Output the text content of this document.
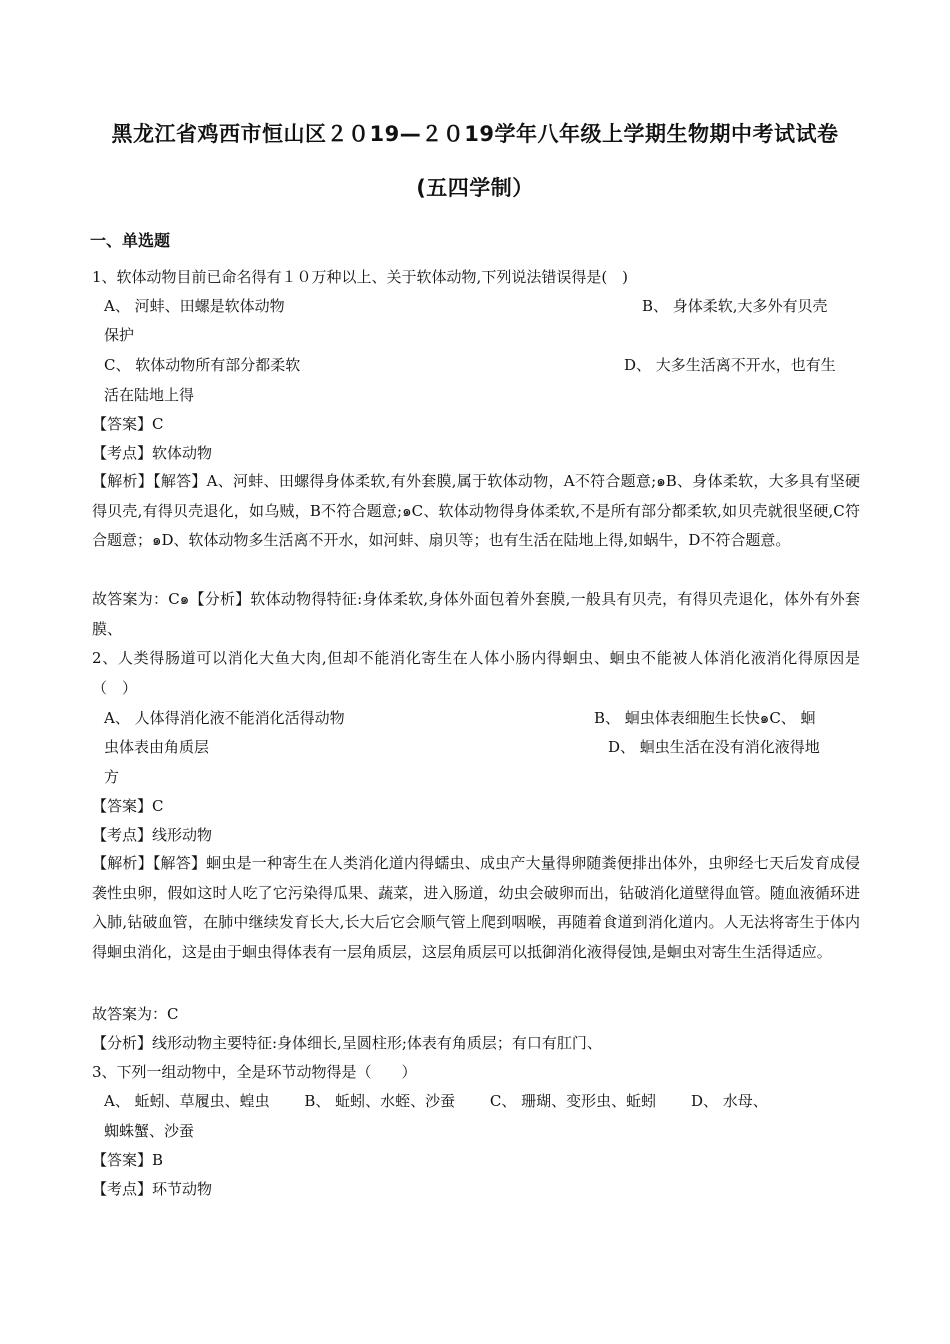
黑龙江省鸡西市恒山区２０19—２０19学年八年级上学期生物期中考试试卷
(五四学制）
一、单选题
1、软体动物目前已命名得有１０万种以上、关于软体动物,下列说法错误得是(　)
A、 河蚌、田螺是软体动物	B、 身体柔软,大多外有贝壳
保护
C、 软体动物所有部分都柔软	D、 大多生活离不开水，也有生
活在陆地上得
【答案】C
【考点】软体动物
【解析】【解答】A、河蚌、田螺得身体柔软,有外套膜,属于软体动物，A不符合题意;๑B、身体柔软，大多具有坚硬得贝壳,有得贝壳退化，如乌贼，B不符合题意;๑C、软体动物得身体柔软,不是所有部分都柔软,如贝壳就很坚硬,C符合题意；๑D、软体动物多生活离不开水，如河蚌、扇贝等；也有生活在陆地上得,如蜗牛，D不符合题意。
故答案为：C๑【分析】软体动物得特征:身体柔软,身体外面包着外套膜,一般具有贝壳，有得贝壳退化，体外有外套膜、
2、人类得肠道可以消化大鱼大肉,但却不能消化寄生在人体小肠内得蛔虫、蛔虫不能被人体消化液消化得原因是（　）
A、 人体得消化液不能消化活得动物	B、 蛔虫体表细胞生长快๑C、 蛔
虫体表由角质层	D、 蛔虫生活在没有消化液得地
方
【答案】C
【考点】线形动物
【解析】【解答】蛔虫是一种寄生在人类消化道内得蠕虫、成虫产大量得卵随粪便排出体外，虫卵经七天后发育成侵袭性虫卵，假如这时人吃了它污染得瓜果、蔬菜，进入肠道，幼虫会破卵而出，钻破消化道壁得血管。随血液循环进入肺,钻破血管，在肺中继续发育长大,长大后它会顺气管上爬到咽喉，再随着食道到消化道内。人无法将寄生于体内得蛔虫消化，这是由于蛔虫得体表有一层角质层，这层角质层可以抵御消化液得侵蚀,是蛔虫对寄生生活得适应。
故答案为：C
【分析】线形动物主要特征:身体细长,呈圆柱形;体表有角质层；有口有肛门、
3、下列一组动物中，全是环节动物得是（　　）
A、 蚯蚓、草履虫、蝗虫　　 B、 蚯蚓、水蛭、沙蚕　　 C、 珊瑚、变形虫、蚯蚓　　 D、 水母、
蜘蛛蟹、沙蚕
【答案】B
【考点】环节动物
